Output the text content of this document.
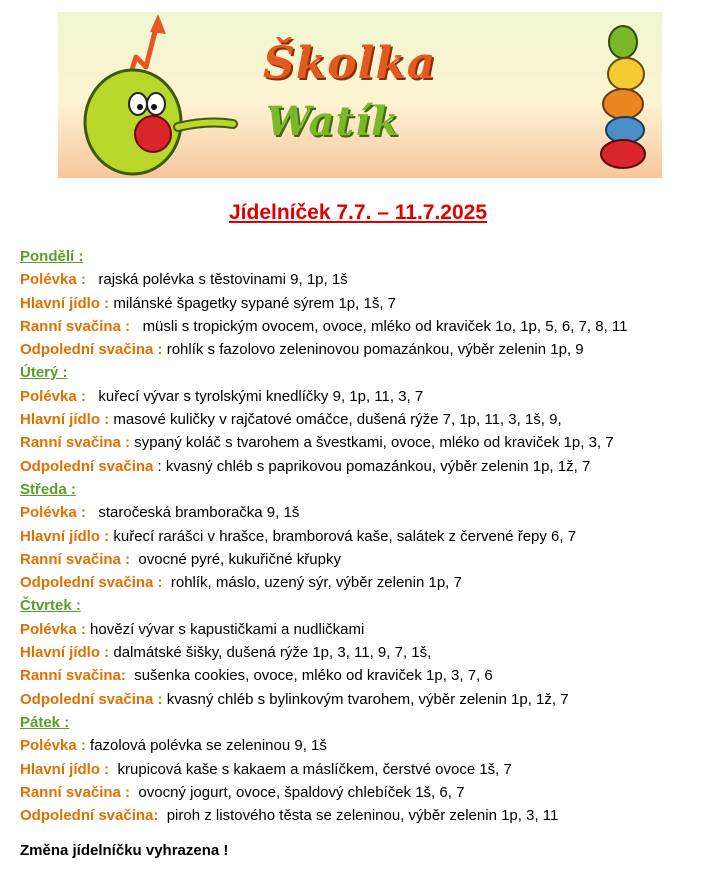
Školka
Watík
Jídelníček 7.7. – 11.7.2025
Pondělí :
Polévka : rajská polévka s těstovinami 9, 1p, 1š
Hlavní jídlo : milánské špagetky sypané sýrem 1p, 1š, 7
Ranní svačina : müsli s tropickým ovocem, ovoce, mléko od kraviček 1o, 1p, 5, 6, 7, 8, 11
Odpolední svačina : rohlík s fazolovo zeleninovou pomazánkou, výběr zelenin 1p, 9
Úterý :
Polévka : kuřecí vývar s tyrolskými knedlíčky 9, 1p, 11, 3, 7
Hlavní jídlo : masové kuličky v rajčatové omáčce, dušená rýže 7, 1p, 11, 3, 1š, 9,
Ranní svačina : sypaný koláč s tvarohem a švestkami, ovoce, mléko od kraviček 1p, 3, 7
Odpolední svačina : kvasný chléb s paprikovou pomazánkou, výběr zelenin 1p, 1ž, 7
Středa :
Polévka : staročeská bramboračka 9, 1š
Hlavní jídlo : kuřecí rarášci v hrašce, bramborová kaše, salátek z červené řepy 6, 7
Ranní svačina : ovocné pyré, kukuřičné křupky
Odpolední svačina : rohlík, máslo, uzený sýr, výběr zelenin 1p, 7
Čtvrtek :
Polévka : hovězí vývar s kapustičkami a nudličkami
Hlavní jídlo : dalmátské šišky, dušená rýže 1p, 3, 11, 9, 7, 1š,
Ranní svačina: sušenka cookies, ovoce, mléko od kraviček 1p, 3, 7, 6
Odpolední svačina : kvasný chléb s bylinkovým tvarohem, výběr zelenin 1p, 1ž, 7
Pátek :
Polévka : fazolová polévka se zeleninou 9, 1š
Hlavní jídlo : krupicová kaše s kakaem a máslíčkem, čerstvé ovoce 1š, 7
Ranní svačina : ovocný jogurt, ovoce, špaldový chlebíček 1š, 6, 7
Odpolední svačina: piroh z listového těsta se zeleninou, výběr zelenin 1p, 3, 11
Změna jídelníčku vyhrazena !
